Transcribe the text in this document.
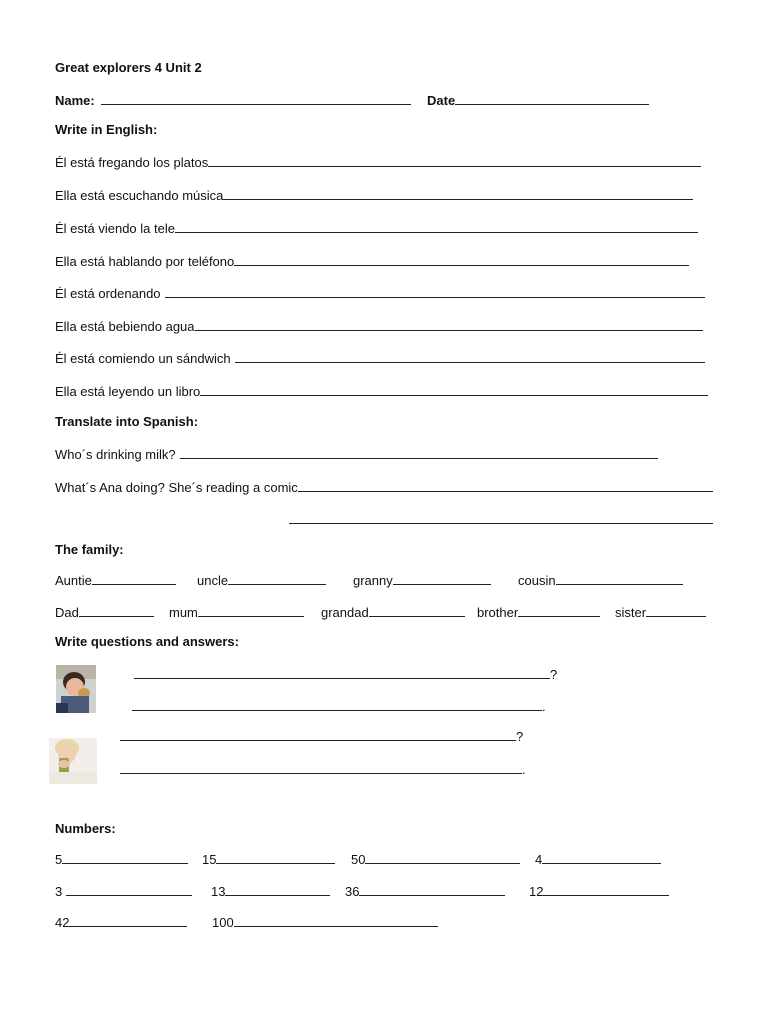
Great explorers 4 Unit 2
Name:	Date
Write in English:
Él está fregando los platos
Ella está escuchando música
Él está viendo la tele
Ella está hablando por teléfono
Él está ordenando
Ella está bebiendo agua
Él está comiendo un sándwich
Ella está leyendo un libro
Translate into Spanish:
Who´s drinking milk?
What´s Ana doing? She´s reading a comic
The family:
Auntie	uncle	granny	cousin
Dad	mum	grandad	brother	sister
Write questions and answers:
?
.
?
.
Numbers:
5	15	50	4
3	13	36	12
42	100
